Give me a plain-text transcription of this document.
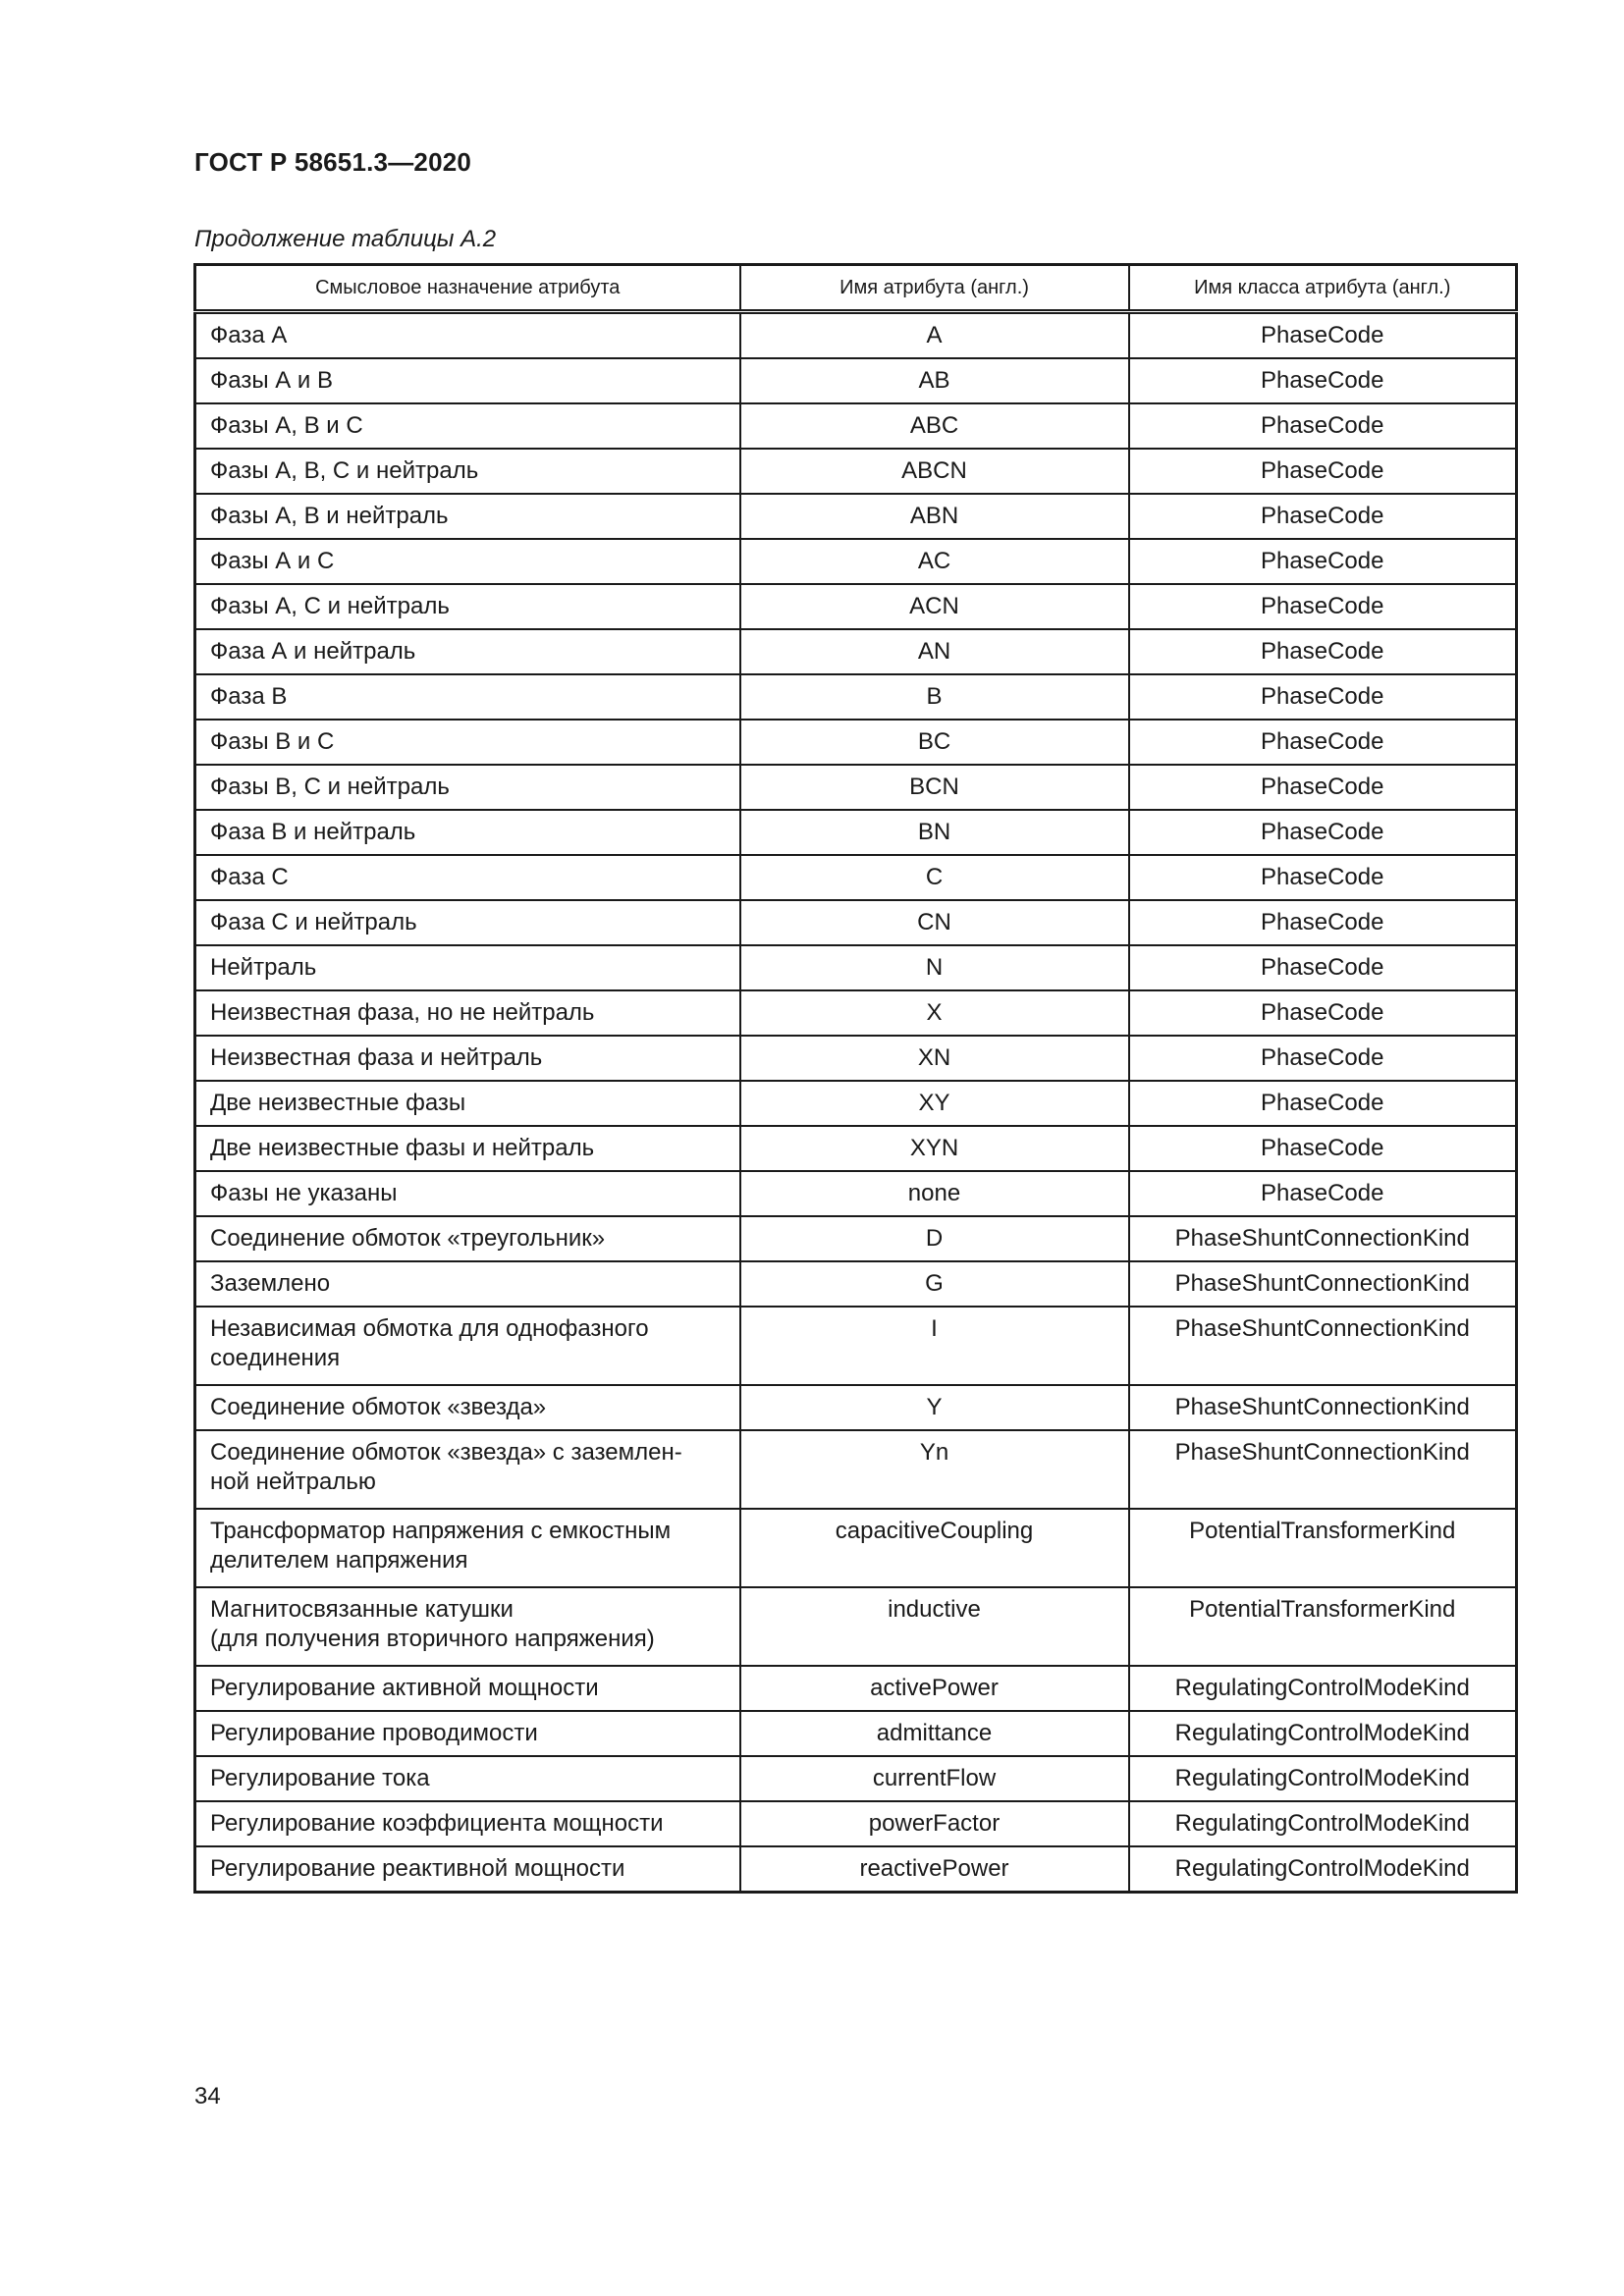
ГОСТ Р 58651.3—2020
Продолжение таблицы А.2
Смысловое назначение атрибута	Имя атрибута (англ.)	Имя класса атрибута (англ.)
Фаза А	A	PhaseCode
Фазы А и В	AB	PhaseCode
Фазы А, В и С	ABC	PhaseCode
Фазы А, В, С и нейтраль	ABCN	PhaseCode
Фазы А, В и нейтраль	ABN	PhaseCode
Фазы А и С	AC	PhaseCode
Фазы А, С и нейтраль	ACN	PhaseCode
Фаза А и нейтраль	AN	PhaseCode
Фаза В	B	PhaseCode
Фазы В и С	BC	PhaseCode
Фазы В, С и нейтраль	BCN	PhaseCode
Фаза В и нейтраль	BN	PhaseCode
Фаза С	C	PhaseCode
Фаза С и нейтраль	CN	PhaseCode
Нейтраль	N	PhaseCode
Неизвестная фаза, но не нейтраль	X	PhaseCode
Неизвестная фаза и нейтраль	XN	PhaseCode
Две неизвестные фазы	XY	PhaseCode
Две неизвестные фазы и нейтраль	XYN	PhaseCode
Фазы не указаны	none	PhaseCode
Соединение обмоток «треугольник»	D	PhaseShuntConnectionKind
Заземлено	G	PhaseShuntConnectionKind
Независимая обмотка для однофазного
соединения	I	PhaseShuntConnectionKind
Соединение обмоток «звезда»	Y	PhaseShuntConnectionKind
Соединение обмоток «звезда» с заземлен-
ной нейтралью	Yn	PhaseShuntConnectionKind
Трансформатор напряжения с емкостным
делителем напряжения	capacitiveCoupling	PotentialTransformerKind
Магнитосвязанные катушки
(для получения вторичного напряжения)	inductive	PotentialTransformerKind
Регулирование активной мощности	activePower	RegulatingControlModeKind
Регулирование проводимости	admittance	RegulatingControlModeKind
Регулирование тока	currentFlow	RegulatingControlModeKind
Регулирование коэффициента мощности	powerFactor	RegulatingControlModeKind
Регулирование реактивной мощности	reactivePower	RegulatingControlModeKind
34
